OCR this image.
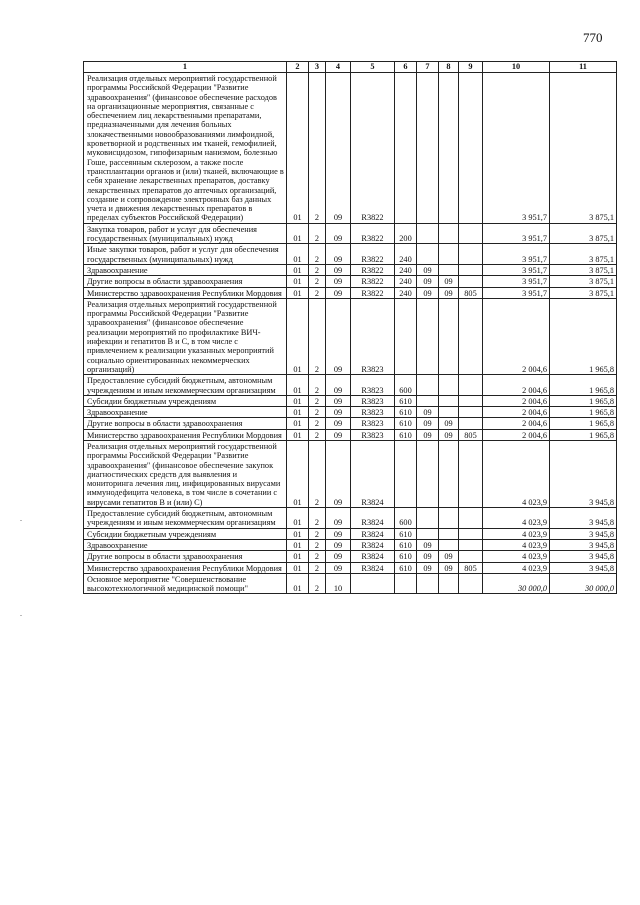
770
1	2	3	4	5	6	7	8	9	10	11
Реализация отдельных мероприятий государственной программы Российской Федерации "Развитие здравоохранения" (финансовое обеспечение расходов на организационные мероприятия, связанные с обеспечением лиц лекарственными препаратами, предназначенными для лечения больных злокачественными новообразованиями лимфоидной, кроветворной и родственных им тканей, гемофилией, муковисцидозом, гипофизарным нанизмом, болезнью Гоше, рассеянным склерозом, а также после трансплантации органов и (или) тканей, включающие в себя хранение лекарственных препаратов, доставку лекарственных препаратов до аптечных организаций, создание и сопровождение электронных баз данных учета и движения лекарственных препаратов в пределах субъектов Российской Федерации)	01	2	09	R3822					3 951,7	3 875,1
Закупка товаров, работ и услуг для обеспечения государственных (муниципальных) нужд	01	2	09	R3822	200				3 951,7	3 875,1
Иные закупки товаров, работ и услуг для обеспечения государственных (муниципальных) нужд	01	2	09	R3822	240				3 951,7	3 875,1
Здравоохранение	01	2	09	R3822	240	09			3 951,7	3 875,1
Другие вопросы в области здравоохранения	01	2	09	R3822	240	09	09		3 951,7	3 875,1
Министерство здравоохранения Республики Мордовия	01	2	09	R3822	240	09	09	805	3 951,7	3 875,1
Реализация отдельных мероприятий государственной программы Российской Федерации "Развитие здравоохранения" (финансовое обеспечение реализации мероприятий по профилактике ВИЧ-инфекции и гепатитов В и С, в том числе с привлечением к реализации указанных мероприятий социально ориентированных некоммерческих организаций)	01	2	09	R3823					2 004,6	1 965,8
Предоставление субсидий бюджетным, автономным учреждениям и иным некоммерческим организациям	01	2	09	R3823	600				2 004,6	1 965,8
Субсидии бюджетным учреждениям	01	2	09	R3823	610				2 004,6	1 965,8
Здравоохранение	01	2	09	R3823	610	09			2 004,6	1 965,8
Другие вопросы в области здравоохранения	01	2	09	R3823	610	09	09		2 004,6	1 965,8
Министерство здравоохранения Республики Мордовия	01	2	09	R3823	610	09	09	805	2 004,6	1 965,8
Реализация отдельных мероприятий государственной программы Российской Федерации "Развитие здравоохранения" (финансовое обеспечение закупок диагностических средств для выявления и мониторинга лечения лиц, инфицированных вирусами иммунодефицита человека, в том числе в сочетании с вирусами гепатитов В и (или) С)	01	2	09	R3824					4 023,9	3 945,8
Предоставление субсидий бюджетным, автономным учреждениям и иным некоммерческим организациям	01	2	09	R3824	600				4 023,9	3 945,8
Субсидии бюджетным учреждениям	01	2	09	R3824	610				4 023,9	3 945,8
Здравоохранение	01	2	09	R3824	610	09			4 023,9	3 945,8
Другие вопросы в области здравоохранения	01	2	09	R3824	610	09	09		4 023,9	3 945,8
Министерство здравоохранения Республики Мордовия	01	2	09	R3824	610	09	09	805	4 023,9	3 945,8
Основное мероприятие "Совершенствование высокотехнологичной медицинской помощи"	01	2	10						30 000,0	30 000,0
